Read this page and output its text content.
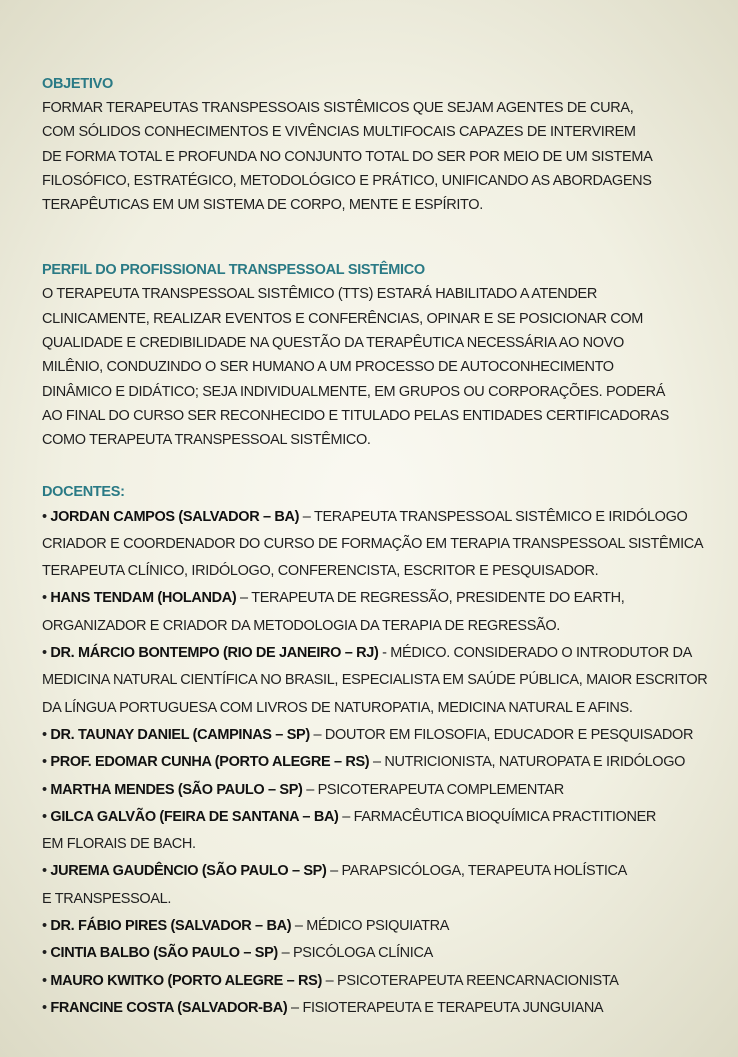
OBJETIVO

FORMAR TERAPEUTAS TRANSPESSOAIS SISTÊMICOS QUE SEJAM AGENTES DE CURA,
COM SÓLIDOS CONHECIMENTOS E VIVÊNCIAS MULTIFOCAIS CAPAZES DE INTERVIREM
DE FORMA TOTAL E PROFUNDA NO CONJUNTO TOTAL DO SER POR MEIO DE UM SISTEMA
FILOSÓFICO, ESTRATÉGICO, METODOLÓGICO E PRÁTICO, UNIFICANDO AS ABORDAGENS
TERAPÊUTICAS EM UM SISTEMA DE CORPO, MENTE E ESPÍRITO.

PERFIL DO PROFISSIONAL TRANSPESSOAL SISTÊMICO

O TERAPEUTA TRANSPESSOAL SISTÊMICO (TTS) ESTARÁ HABILITADO A ATENDER
CLINICAMENTE, REALIZAR EVENTOS E CONFERÊNCIAS, OPINAR E SE POSICIONAR COM
QUALIDADE E CREDIBILIDADE NA QUESTÃO DA TERAPÊUTICA NECESSÁRIA AO NOVO
MILÊNIO, CONDUZINDO O SER HUMANO A UM PROCESSO DE AUTOCONHECIMENTO
DINÂMICO E DIDÁTICO; SEJA INDIVIDUALMENTE, EM GRUPOS OU CORPORAÇÕES. PODERÁ
AO FINAL DO CURSO SER RECONHECIDO E TITULADO PELAS ENTIDADES CERTIFICADORAS
COMO TERAPEUTA TRANSPESSOAL SISTÊMICO.

DOCENTES:
• JORDAN CAMPOS (SALVADOR – BA) – TERAPEUTA TRANSPESSOAL SISTÊMICO E IRIDÓLOGO
CRIADOR E COORDENADOR DO CURSO DE FORMAÇÃO EM TERAPIA TRANSPESSOAL SISTÊMICA
TERAPEUTA CLÍNICO, IRIDÓLOGO, CONFERENCISTA, ESCRITOR E PESQUISADOR.
• HANS TENDAM (HOLANDA) – TERAPEUTA DE REGRESSÃO, PRESIDENTE DO EARTH,
ORGANIZADOR E CRIADOR DA METODOLOGIA DA TERAPIA DE REGRESSÃO.
• DR. MÁRCIO BONTEMPO (RIO DE JANEIRO – RJ) - MÉDICO. CONSIDERADO O INTRODUTOR DA
MEDICINA NATURAL CIENTÍFICA NO BRASIL, ESPECIALISTA EM SAÚDE PÚBLICA, MAIOR ESCRITOR
DA LÍNGUA PORTUGUESA COM LIVROS DE NATUROPATIA, MEDICINA NATURAL E AFINS.
• DR. TAUNAY DANIEL (CAMPINAS – SP) – DOUTOR EM FILOSOFIA, EDUCADOR E PESQUISADOR
• PROF. EDOMAR CUNHA (PORTO ALEGRE – RS) – NUTRICIONISTA, NATUROPATA E IRIDÓLOGO
• MARTHA MENDES (SÃO PAULO – SP) – PSICOTERAPEUTA COMPLEMENTAR
• GILCA GALVÃO (FEIRA DE SANTANA – BA) – FARMACÊUTICA BIOQUÍMICA PRACTITIONER
EM FLORAIS DE BACH.
• JUREMA GAUDÊNCIO (SÃO PAULO – SP) – PARAPSICÓLOGA, TERAPEUTA HOLÍSTICA
E TRANSPESSOAL.
• DR. FÁBIO PIRES (SALVADOR – BA) – MÉDICO PSIQUIATRA
• CINTIA BALBO (SÃO PAULO – SP) – PSICÓLOGA CLÍNICA
• MAURO KWITKO (PORTO ALEGRE – RS) – PSICOTERAPEUTA REENCARNACIONISTA
• FRANCINE COSTA (SALVADOR-BA) – FISIOTERAPEUTA E TERAPEUTA JUNGUIANA
